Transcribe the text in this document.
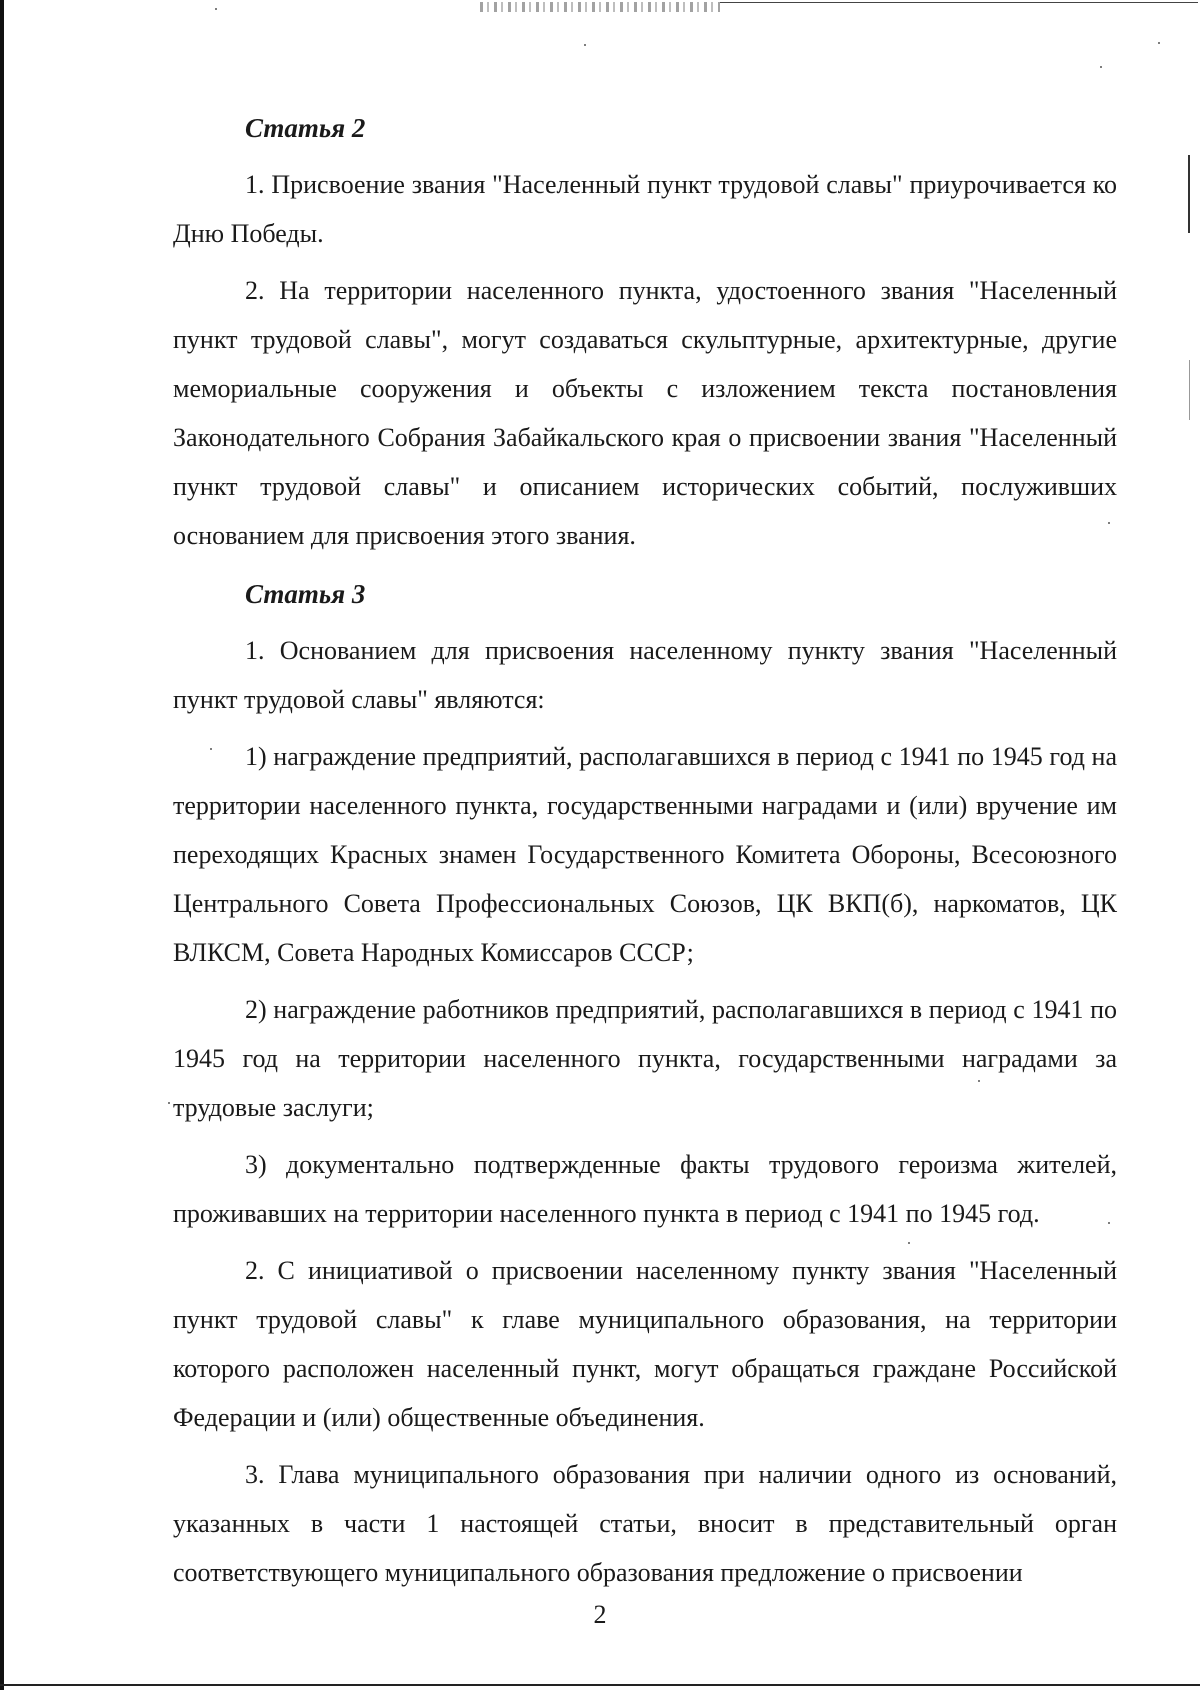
Статья 2

1. Присвоение звания "Населенный пункт трудовой славы" приурочивается ко Дню Победы.

2. На территории населенного пункта, удостоенного звания "Населенный пункт трудовой славы", могут создаваться скульптурные, архитектурные, другие мемориальные сооружения и объекты с изложением текста постановления Законодательного Собрания Забайкальского края о присвоении звания "Населенный пункт трудовой славы" и описанием исторических событий, послуживших основанием для присвоения этого звания.

Статья 3

1. Основанием для присвоения населенному пункту звания "Населенный пункт трудовой славы" являются:

1) награждение предприятий, располагавшихся в период с 1941 по 1945 год на территории населенного пункта, государственными наградами и (или) вручение им переходящих Красных знамен Государственного Комитета Обороны, Всесоюзного Центрального Совета Профессиональных Союзов, ЦК ВКП(б), наркоматов, ЦК ВЛКСМ, Совета Народных Комиссаров СССР;

2) награждение работников предприятий, располагавшихся в период с 1941 по 1945 год на территории населенного пункта, государственными наградами за трудовые заслуги;

3) документально подтвержденные факты трудового героизма жителей, проживавших на территории населенного пункта в период с 1941 по 1945 год.

2. С инициативой о присвоении населенному пункту звания "Населенный пункт трудовой славы" к главе муниципального образования, на территории которого расположен населенный пункт, могут обращаться граждане Российской Федерации и (или) общественные объединения.

3. Глава муниципального образования при наличии одного из оснований, указанных в части 1 настоящей статьи, вносит в представительный орган соответствующего муниципального образования предложение о присвоении

2
